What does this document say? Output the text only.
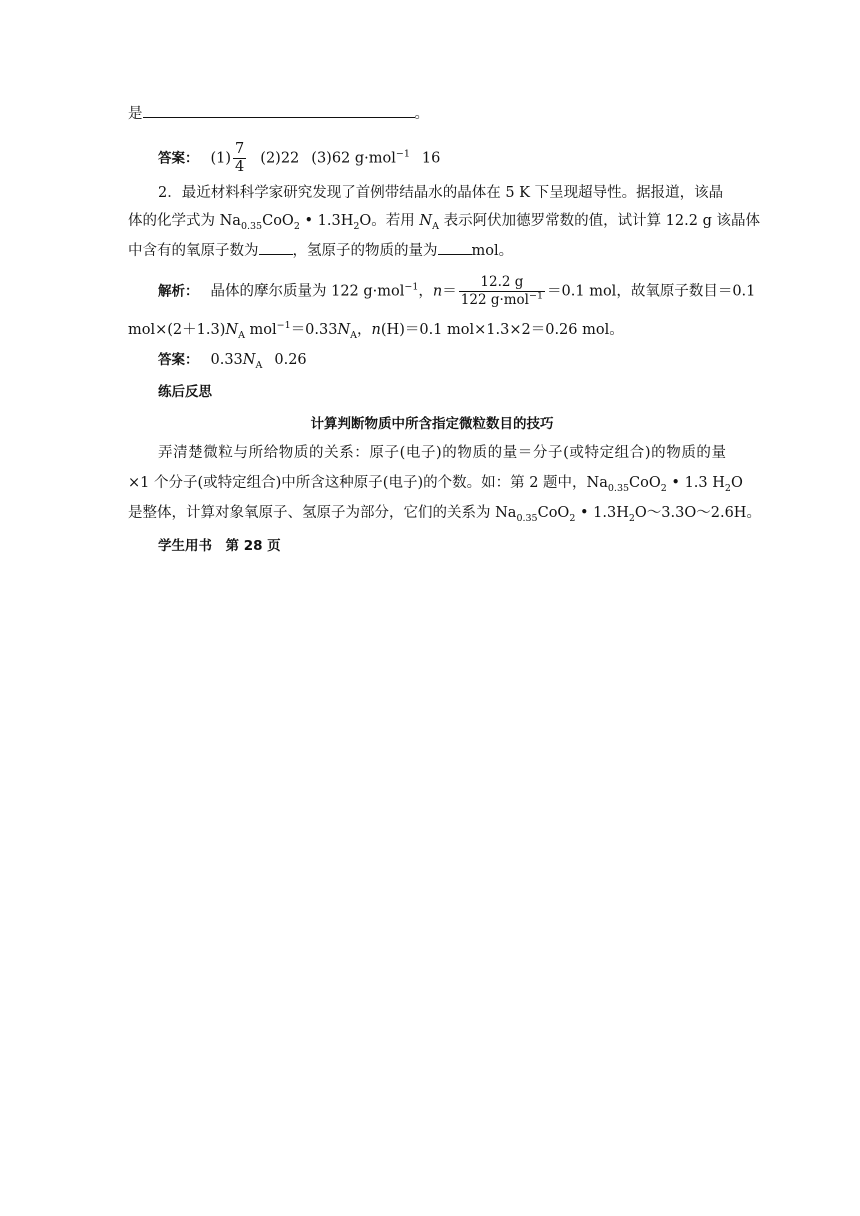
是	。
答案： $(1) \frac{7}{4} (2)22$ (3)62 g·mol$^{-1}$ 16
2．最近材料科学家研究发现了首例带结晶水的晶体在 5 K 下呈现超导性。据报道，该晶
体的化学式为 $Na_{0.35}CoO_2$ • $1.3H_2O$。若用 $N_A$ 表示阿伏加德罗常数的值，试计算 12.2 g 该晶体
中含有的氧原子数为 ，氢原子的物质的量为 mol。
解析： 晶体的摩尔质量为 122 g·mol$^{-1}$，$n= \frac{12.2 g}{122 g\cdot mol^{-1}} =0.1$ mol，故氧原子数目＝0.1
$mol\times(2+1.3)N_A$ $mol^{-1}=0.33N_A$，n(H)＝0.1 mol×1.3×2＝0.26 mol。
答案： $0.33N_A$ 0.26
练后反思
计算判断物质中所含指定微粒数目的技巧
弄清楚微粒与所给物质的关系：原子(电子)的物质的量＝分子(或特定组合)的物质的量
×1 个分子(或特定组合)中所含这种原子(电子)的个数。如：第 2 题中，$Na_{0.35}CoO_2$ • 1.3 $H_2O$
是整体，计算对象氧原子、氢原子为部分，它们的关系为 $Na_{0.35}CoO_2$ • $1.3H_2O\sim 3.3O\sim 2.6H$。
学生用书　第 28 页
